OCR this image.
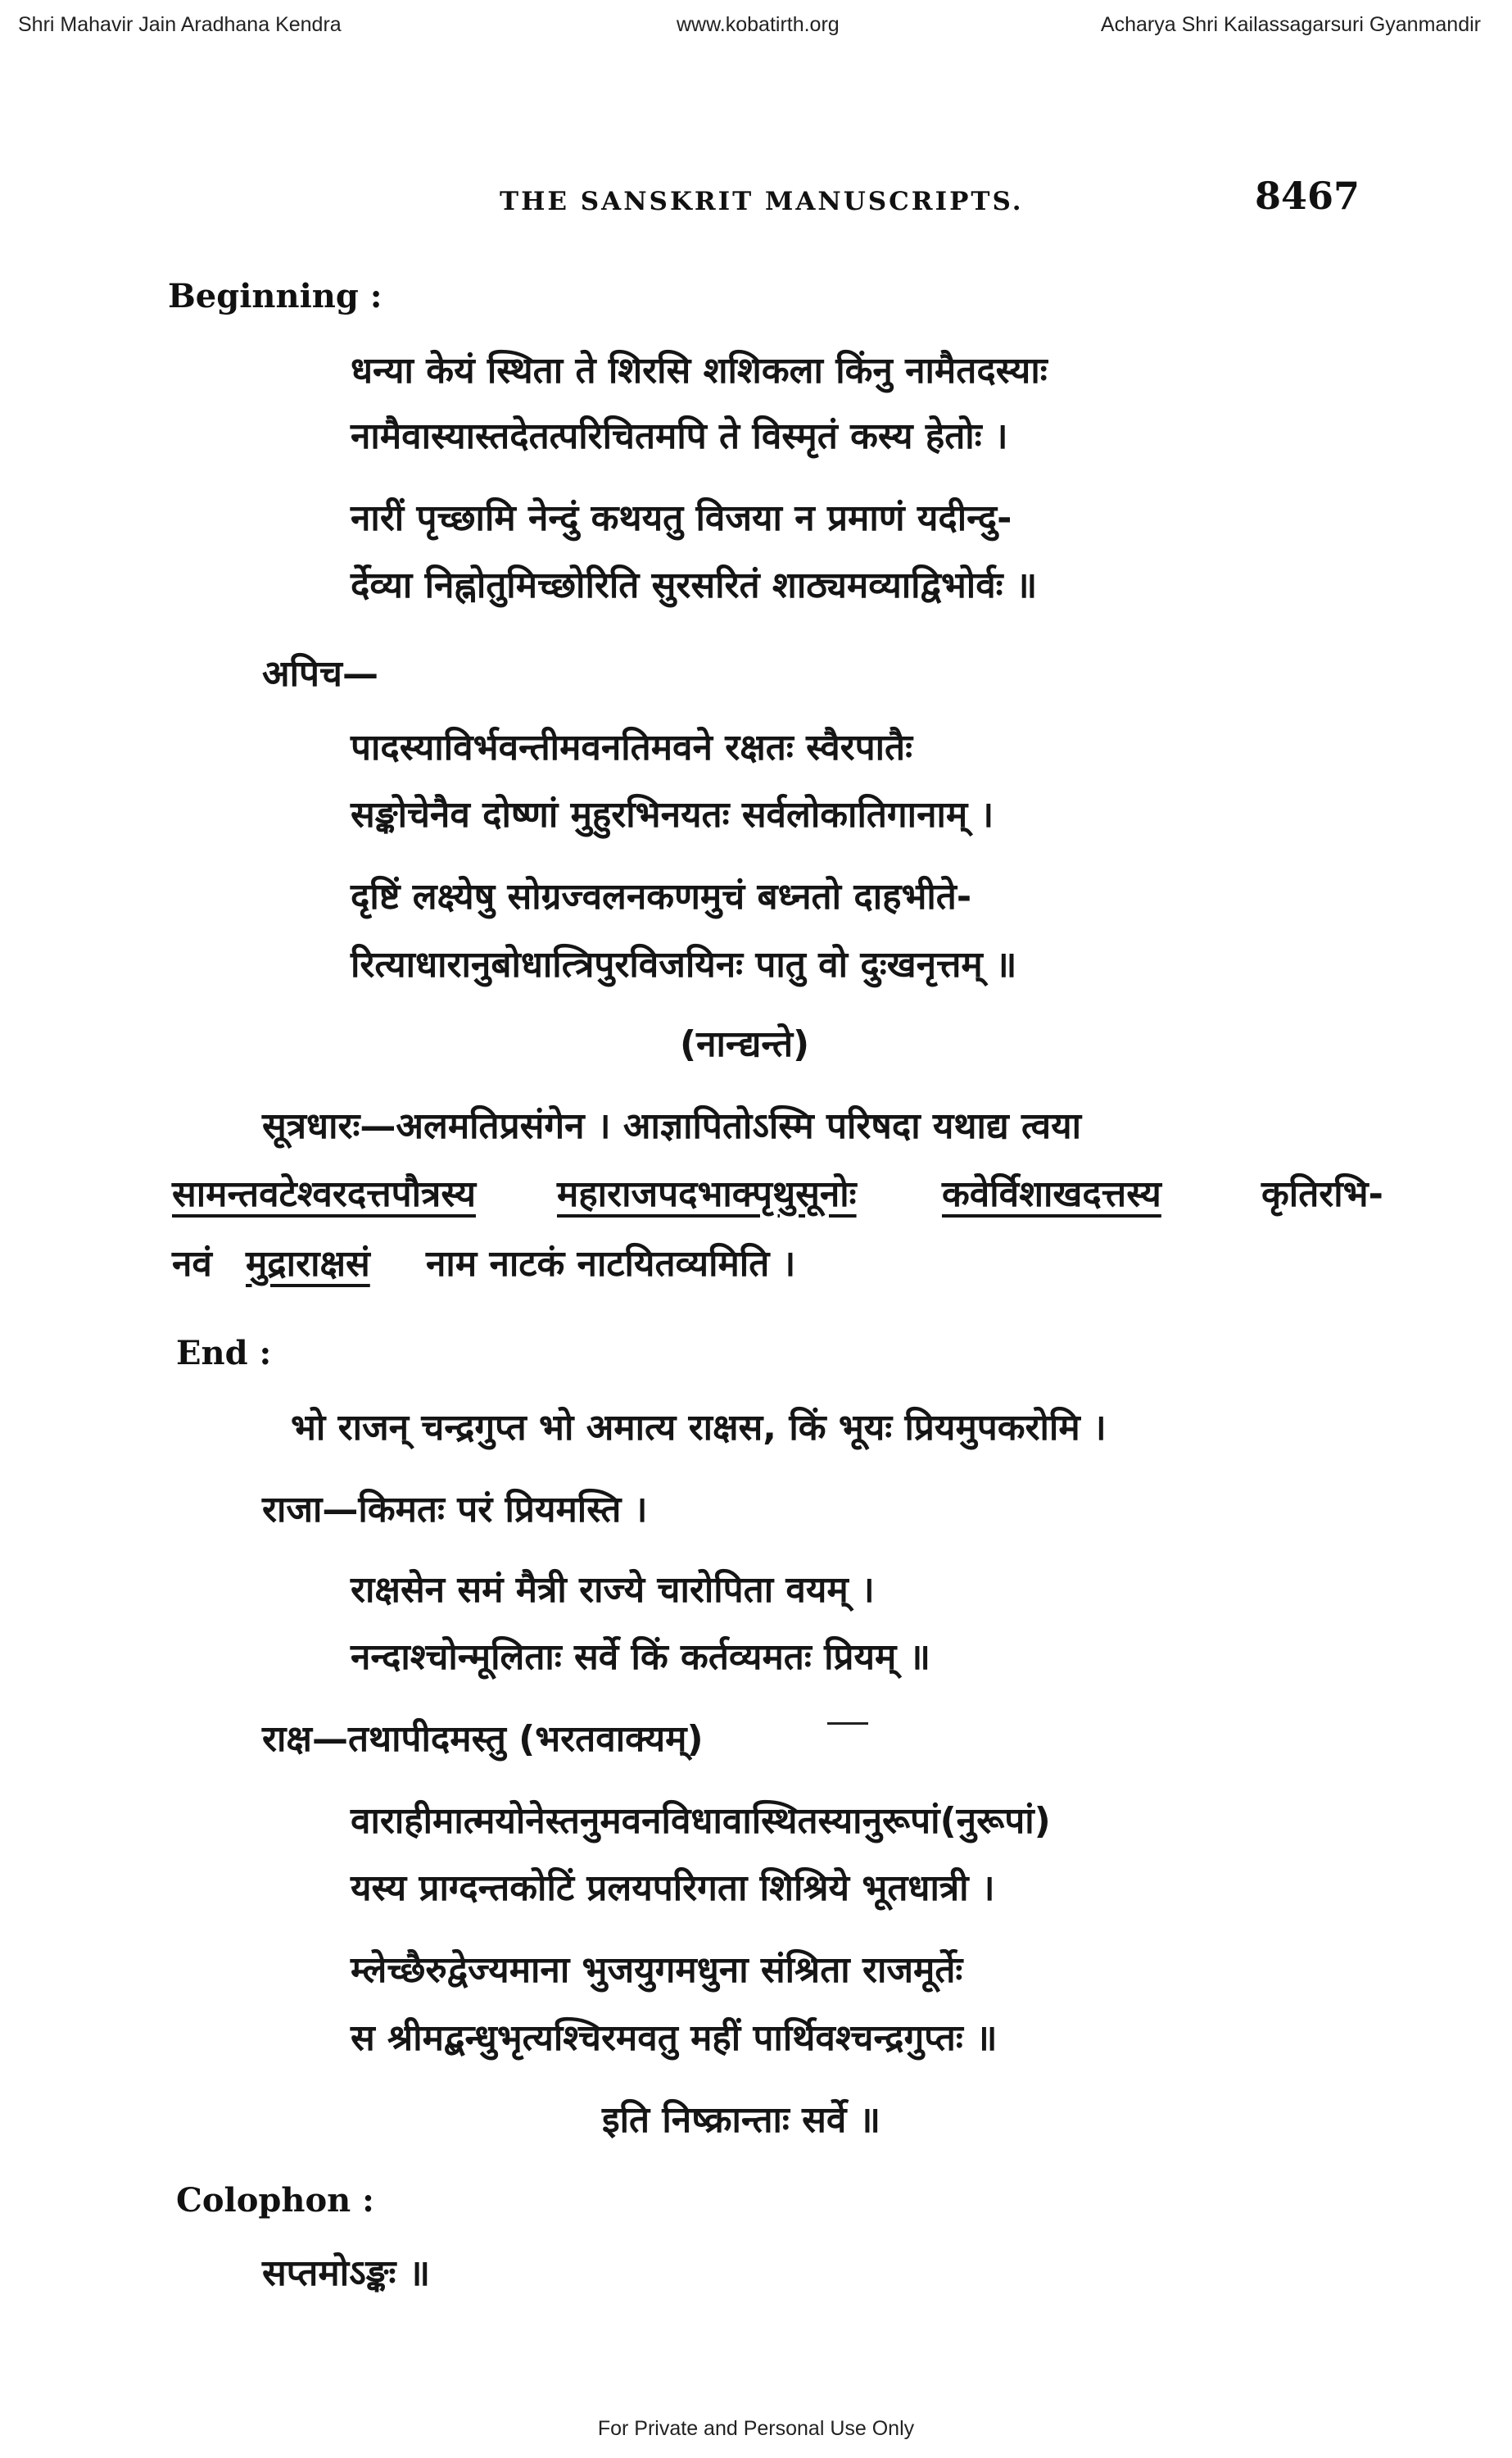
Shri Mahavir Jain Aradhana Kendra	www.kobatirth.org	Acharya Shri Kailassagarsuri Gyanmandir
THE SANSKRIT MANUSCRIPTS.	8467
Beginning :
धन्या केयं स्थिता ते शिरसि शशिकला किंनु नामैतदस्याः
नामैवास्यास्तदेतत्परिचितमपि ते विस्मृतं कस्य हेतोः ।
नारीं पृच्छामि नेन्दुं कथयतु विजया न प्रमाणं यदीन्दु-
र्देव्या निह्नोतुमिच्छोरिति सुरसरितं शाठ्यमव्याद्विभोर्वः ॥
अपिच—
पादस्याविर्भवन्तीमवनतिमवने रक्षतः स्वैरपातैः
सङ्कोचेनैव दोष्णां मुहुरभिनयतः सर्वलोकातिगानाम् ।
दृष्टिं लक्ष्येषु सोग्रज्वलनकणमुचं बध्नतो दाहभीते-
रित्याधारानुबोधात्त्रिपुरविजयिनः पातु वो दुःखनृत्तम् ॥
(नान्द्यन्ते)
सूत्रधारः—अलमतिप्रसंगेन । आज्ञापितोऽस्मि परिषदा यथाद्य त्वया
सामन्तवटेश्वरदत्तपौत्रस्य महाराजपदभाक्पृथुसूनोः कवेर्विशाखदत्तस्य	कृतिरभि-
नवं मुद्राराक्षसं नाम नाटकं नाटयितव्यमिति ।
End :
भो राजन् चन्द्रगुप्त भो अमात्य राक्षस, किं भूयः प्रियमुपकरोमि ।
राजा—किमतः परं प्रियमस्ति ।
राक्षसेन समं मैत्री राज्ये चारोपिता वयम् ।
नन्दाश्चोन्मूलिताः सर्वे किं कर्तव्यमतः प्रियम् ॥
राक्ष—तथापीदमस्तु (भरतवाक्यम्)
वाराहीमात्मयोनेस्तनुमवनविधावास्थितस्यानुरूपां(नुरूपां)
यस्य प्राग्दन्तकोटिं प्रलयपरिगता शिश्रिये भूतधात्री ।
म्लेच्छैरुद्वेज्यमाना भुजयुगमधुना संश्रिता राजमूर्तेः
स श्रीमद्बन्धुभृत्यश्चिरमवतु महीं पार्थिवश्चन्द्रगुप्तः ॥
इति निष्क्रान्ताः सर्वे ॥
Colophon :
सप्तमोऽङ्कः ॥
For Private and Personal Use Only
